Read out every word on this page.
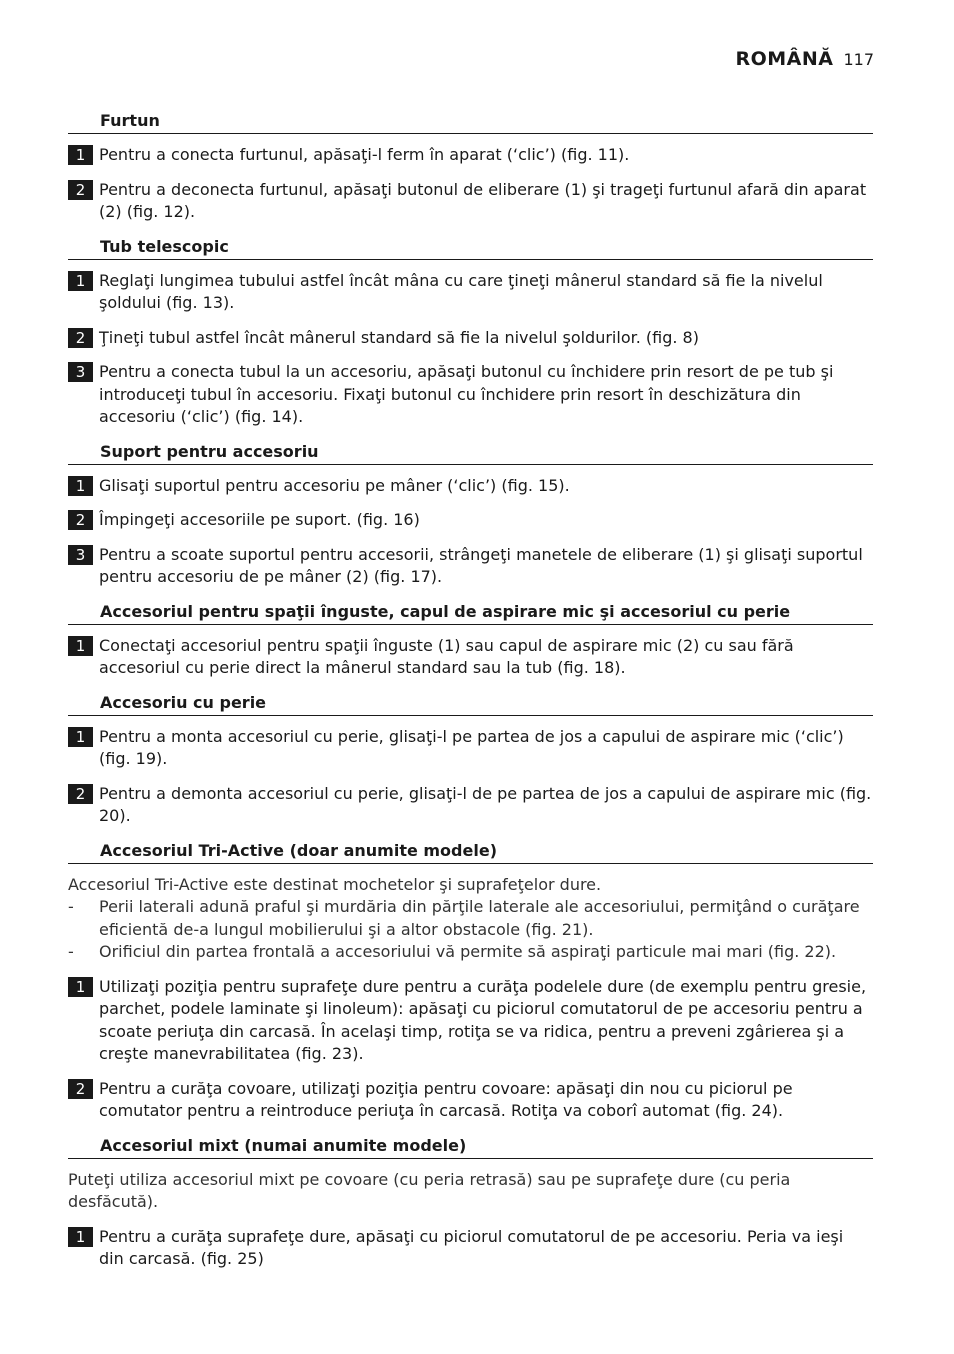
ROMÂNĂ 117
Furtun
1 Pentru a conecta furtunul, apăsaţi-l ferm în aparat (‘clic’) (fig. 11).
2 Pentru a deconecta furtunul, apăsaţi butonul de eliberare (1) şi trageţi furtunul afară din aparat (2) (fig. 12).
Tub telescopic
1 Reglaţi lungimea tubului astfel încât mâna cu care ţineţi mânerul standard să fie la nivelul şoldului (fig. 13).
2 Ţineţi tubul astfel încât mânerul standard să fie la nivelul şoldurilor. (fig. 8)
3 Pentru a conecta tubul la un accesoriu, apăsaţi butonul cu închidere prin resort de pe tub şi introduceţi tubul în accesoriu. Fixaţi butonul cu închidere prin resort în deschizătura din accesoriu (‘clic’) (fig. 14).
Suport pentru accesoriu
1 Glisaţi suportul pentru accesoriu pe mâner (‘clic’) (fig. 15).
2 Împingeţi accesoriile pe suport. (fig. 16)
3 Pentru a scoate suportul pentru accesorii, strângeţi manetele de eliberare (1) şi glisaţi suportul pentru accesoriu de pe mâner (2) (fig. 17).
Accesoriul pentru spaţii înguste, capul de aspirare mic şi accesoriul cu perie
1 Conectaţi accesoriul pentru spaţii înguste (1) sau capul de aspirare mic (2) cu sau fără accesoriul cu perie direct la mânerul standard sau la tub (fig. 18).
Accesoriu cu perie
1 Pentru a monta accesoriul cu perie, glisaţi-l pe partea de jos a capului de aspirare mic (‘clic’) (fig. 19).
2 Pentru a demonta accesoriul cu perie, glisaţi-l de pe partea de jos a capului de aspirare mic (fig. 20).
Accesoriul Tri-Active (doar anumite modele)
Accesoriul Tri-Active este destinat mochetelor şi suprafeţelor dure.
-	Perii laterali adună praful şi murdăria din părţile laterale ale accesoriului, permiţând o curăţare eficientă de-a lungul mobilierului şi a altor obstacole (fig. 21).
-	Orificiul din partea frontală a accesoriului vă permite să aspiraţi particule mai mari (fig. 22).
1 Utilizaţi poziţia pentru suprafeţe dure pentru a curăţa podelele dure (de exemplu pentru gresie, parchet, podele laminate şi linoleum): apăsaţi cu piciorul comutatorul de pe accesoriu pentru a scoate periuţa din carcasă. În acelaşi timp, rotiţa se va ridica, pentru a preveni zgârierea şi a creşte manevrabilitatea (fig. 23).
2 Pentru a curăţa covoare, utilizaţi poziţia pentru covoare: apăsaţi din nou cu piciorul pe comutator pentru a reintroduce periuţa în carcasă. Rotiţa va coborî automat (fig. 24).
Accesoriul mixt (numai anumite modele)
Puteţi utiliza accesoriul mixt pe covoare (cu peria retrasă) sau pe suprafeţe dure (cu peria desfăcută).
1 Pentru a curăţa suprafeţe dure, apăsaţi cu piciorul comutatorul de pe accesoriu. Peria va ieşi din carcasă. (fig. 25)
